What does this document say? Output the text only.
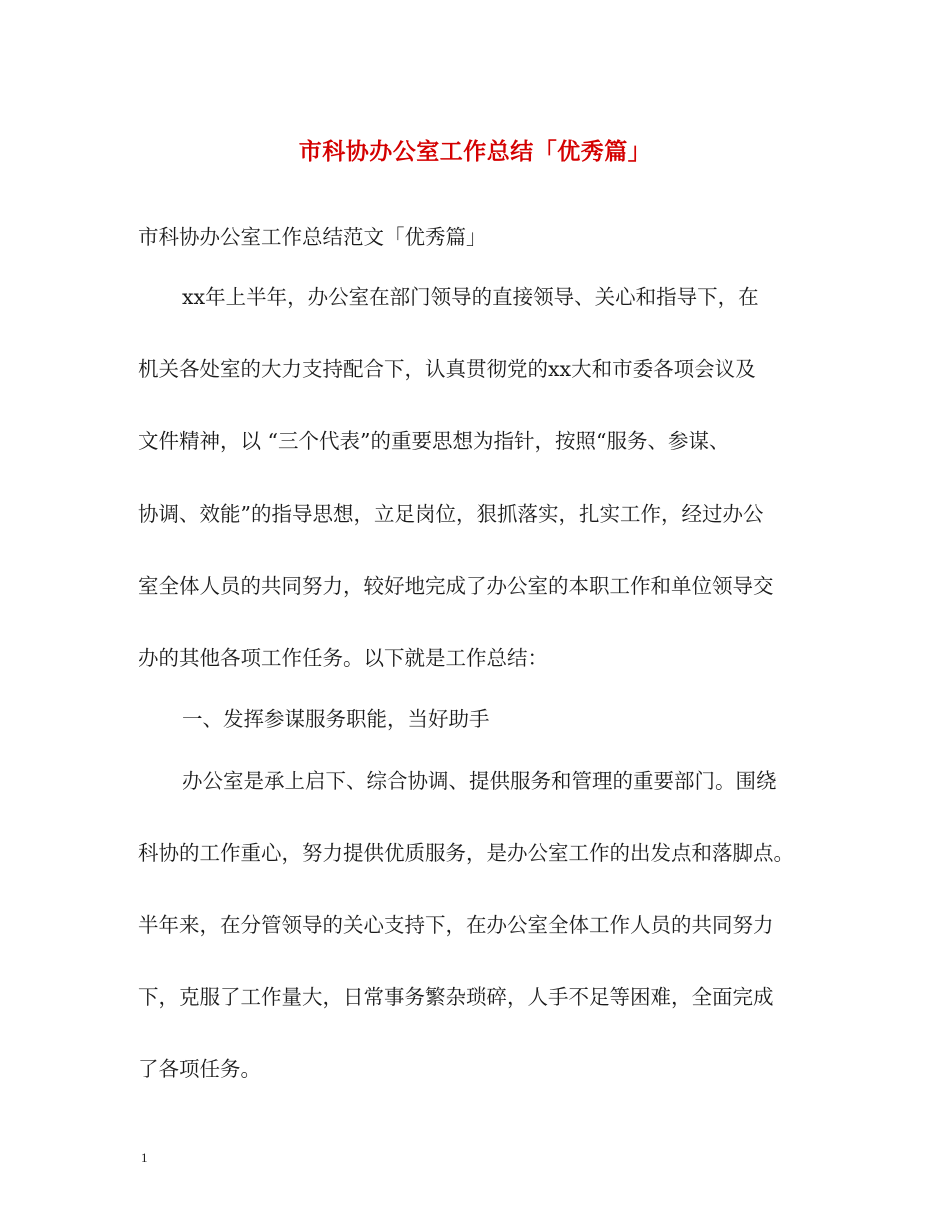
市科协办公室工作总结「优秀篇」
市科协办公室工作总结范文「优秀篇」
xx年上半年，办公室在部门领导的直接领导、关心和指导下，在
机关各处室的大力支持配合下，认真贯彻党的xx大和市委各项会议及
文件精神，以 “三个代表”的重要思想为指针，按照“服务、参谋、
协调、效能”的指导思想，立足岗位，狠抓落实，扎实工作，经过办公
室全体人员的共同努力，较好地完成了办公室的本职工作和单位领导交
办的其他各项工作任务。以下就是工作总结：
一、发挥参谋服务职能，当好助手
办公室是承上启下、综合协调、提供服务和管理的重要部门。围绕
科协的工作重心，努力提供优质服务，是办公室工作的出发点和落脚点。
半年来，在分管领导的关心支持下，在办公室全体工作人员的共同努力
下，克服了工作量大，日常事务繁杂琐碎，人手不足等困难，全面完成
了各项任务。
1
